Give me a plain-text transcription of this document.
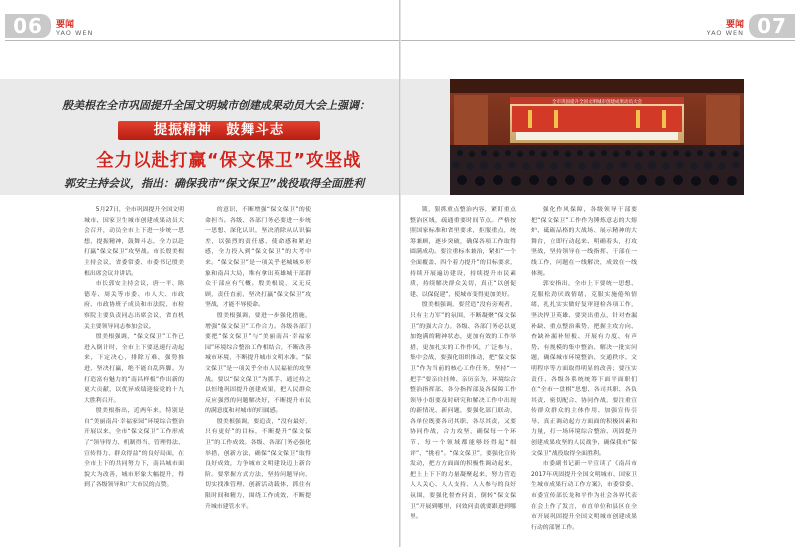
06	要闻
YAO WEN
殷美根在全市巩固提升全国文明城市创建成果动员大会上强调：
提振精神　鼓舞斗志
全力以赴打赢“保文保卫”攻坚战
郭安主持会议，指出：确保我市“保文保卫”战役取得全面胜利

5月27日，全市巩固提升全国文明城市、国家卫生城市创建成果动员大会召开，动员全市上下进一步统一思想，提振精神，鼓舞斗志，全力以赴打赢“保文保卫”攻坚战。市长殷美根主持会议，省委常委、市委书记殷美根出席会议并讲话。

市长郭安主持会议，唐一平、陈德寿、周关等市委、市人大、市政府、市政协班子成员和市法院、市检察院主要负责同志出席会议，省直机关主要领导同志参加会议。

殷美根强调，“保文保卫”工作已进入倒计时，全市上下要迅速行动起来，下定决心，排除万难，强势推进，坚决打赢，绝不能自乱阵脚。为打造富有魅力的“南昌样板”作出新的更大贡献，以优异成绩迎接党的十九大胜利召开。

殷美根指出，近两年来，特别是自“美丽南昌·幸福家园”环境综合整治开展以来，全市“保文保卫”工作形成了“领导得力、机制得当、管理得法、宣传得力、群众得益”的良好局面，在全市上下的共同努力下，南昌城市面貌大为改善，城市形象大幅提升，得到了各级领导和广大市民的点赞。

的意识，不断增强“保文保卫”的使命担当。各级、各部门务必要进一步统一思想、深化认识，坚决消除从认识偏差，以强烈的责任感、使命感和紧迫感，全力投入到“保文保卫”的大考中来。“保文保卫”是一项关乎老城城乡形象和南昌大局，堆有拿出英雄城干部群众干部应有气概。殷美根说，又无反顾，责任直前，坚决打赢“保文保卫”攻坚战，才能不辱使命。

殷美根强调，要进一步强化措施，增强“保文保卫”工作合力。各级各部门要把“保文保卫”与“美丽南昌·幸福家园”环境综合整治工作相结合，不断改善城市环境，不断提升城市文明水准。“保文保卫”是一项关乎全市人民福祉的攻坚战。要以“保文保卫”为抓手，通过持之以恒地巩固提升创建成果，把人民群众反应强烈的问题解决好，不断提升市民的满意度和对城市的归属感。

殷美根强调，要追责，“没有最好，只有更好”的目标，不断提升“保文保卫”的工作成效。各级、各部门务必强化举措，创新方法，确保“保文保卫”取得良好成效，力争城市文明建设迈上新台阶。要掌握方式方法，坚持问题导向，切实找准管理、创新活动载体，抓住有限时间和精力，围绕工作成效，不断提升城市建管水平。

07
要闻
YAO WEN
全市巩固提升全国文明城市创建成果动员大会

锁，狠抓重点整治内容，紧盯重点整治区域，疏通重要时间节点。严格按照国家标准和省里要求，拒服重点，统筹兼顾，逐步突破，确保各项工作取得圆满成功。要注重标本兼治，紧扣“一个全面覆盖、四个着力提升”的目标要求，持续开展遍访建设，持续提升市民素质，持续解决群众关切，真正“以创促建、以保促建”，使城市变得更加美好。

殷美根强调，要营造“没有旁观者，只有主力军”的氛围，不断凝聚“保文保卫”的强大合力。各级、各部门务必以更加饱满的精神状态，更加有效的工作举措，更加扎实的工作作风，广泛参与，集中会战，要强化组织推动，把“保文保卫”作为当前的核心工作任务，坚持“一把手”要亲自挂帅、亲历亲为，环境综合整治指挥部、各分指挥部及各保障工作领导小组要及时研究和解决工作中出现的新情况、新问题，要强化部门联动，各单位既要各司其职、各尽其责，又要协同作战，合力攻坚，确保每一个环节、每一个领域都能够经得起“细评”、“挑看”。“保文保卫”，要强化宣传发动，把方方面面的积极性调动起来，把上上下下的力量凝聚起来，努力营造人人关心、人人支持、人人参与的良好氛围，要强化督查问责，倒转“保文保卫”开展到哪里，问效问责就要跟进到哪里。

强化作风保障，各级领导干部要把“保文保卫”工作作为锤炼意志的大熔炉、砥砺品格的大战场、展示精神的大舞台，立即行动起来、明确着头，打攻坚战，坚持领导在一线指挥、干部在一线工作，问题在一线解决，成效在一线体现。

郭安指出，全市上下要统一思想、克服松劲厌战情绪，克服实施倦殆情绪，扎扎实实做好复审迎检各项工作，坚决捍卫英雄、要突出重点，针对查漏补缺、重点整治乘势，把握主攻方向、查缺补漏补短板、开展有力度、有声势、有规模的集中整治、解决一批实问题，确保城市环境整治、交通秩序、文明程序等方面取得明显的改善；要压实责任、各级各系统统筹下面平面职们在“全市一盘棋”思想、各司其职、各负其责、密切配合、协同作战，要注重宣传群众群众的主体作用、加强宣传引导、真正调动起方方面面的积极因素和力量，打一场环境综合整治、巩固提升创建成果攻坚的人民战争，确保我市“保文保卫”战役取得全面胜利。

市委副书记新一平宣读了《南昌市2017年巩固提升全国文明城市、国家卫生城市成果行动工作方案》，市委常委、市委宣传部长龙和平作为社会各界代表在会上作了发言，市直单位和县区在全市开展巩固提升全国文明城市创建成果行动的部署工作。
